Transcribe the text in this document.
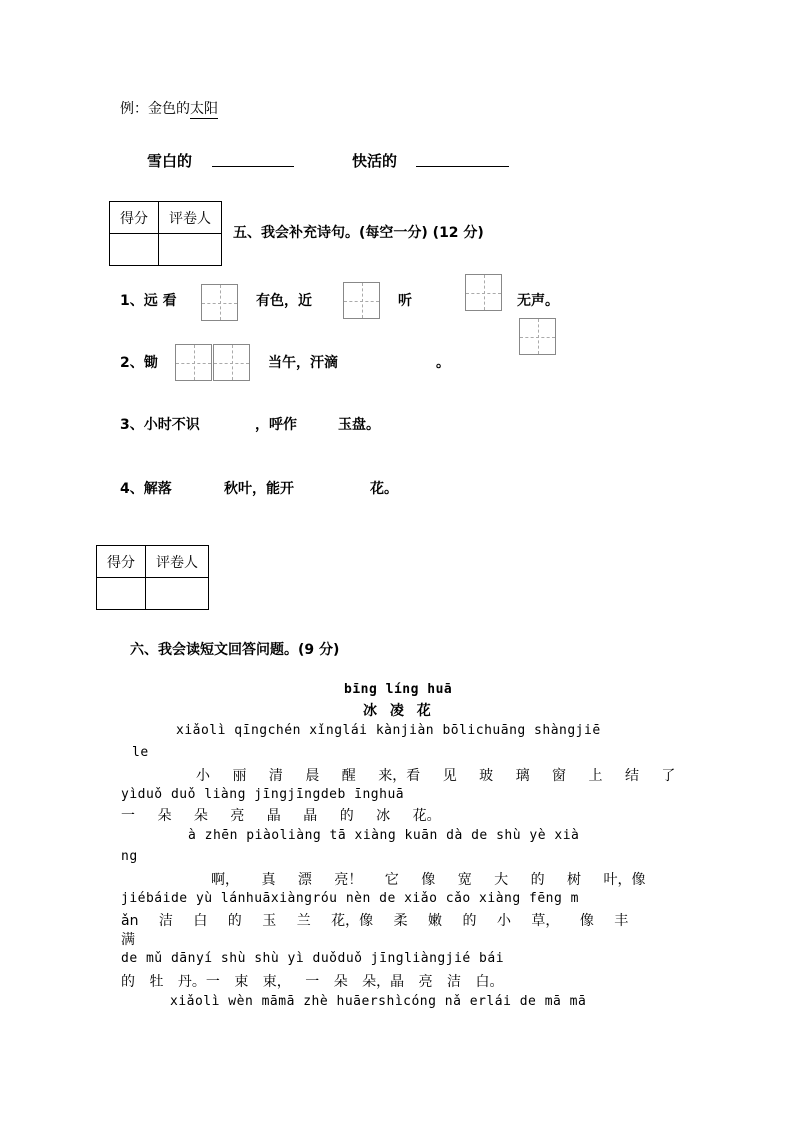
例：金色的太阳
雪白的	快活的
得分	评卷人

五、我会补充诗句。(每空一分) (12 分)
1、远 看	有色，近	听	无声。
2、锄	当午，汗滴	。
3、小时不识	，呼作	玉盘。
4、解落	秋叶，能开	花。
得分	评卷人

六、我会读短文回答问题。(9 分)
bīng líng huā
冰 凌 花
xiǎolì qīngchén xǐnglái kànjiàn bōlichuāng shàngjiē
le
小 丽 清 晨 醒 来，看 见 玻 璃 窗 上 结 了
yìduǒ duǒ liàng jīngjīngdeb īnghuā
一 朵 朵 亮 晶 晶 的 冰 花。
à zhēn piàoliàng tā xiàng kuān dà de shù yè xià
ng
啊， 真 漂 亮！ 它 像 宽 大 的 树 叶，像
jiébáide yù lánhuāxiàngróu nèn de xiǎo cǎo xiàng fēng m
ǎn 洁 白 的 玉 兰 花，像 柔 嫩 的 小 草， 像 丰
满
de mǔ dānyí shù shù yì duǒduǒ jīngliàngjié bái
的 牡 丹。一 束 束， 一 朵 朵，晶 亮 洁 白。
xiǎolì wèn māmā zhè huāershìcóng nǎ erlái de mā mā
